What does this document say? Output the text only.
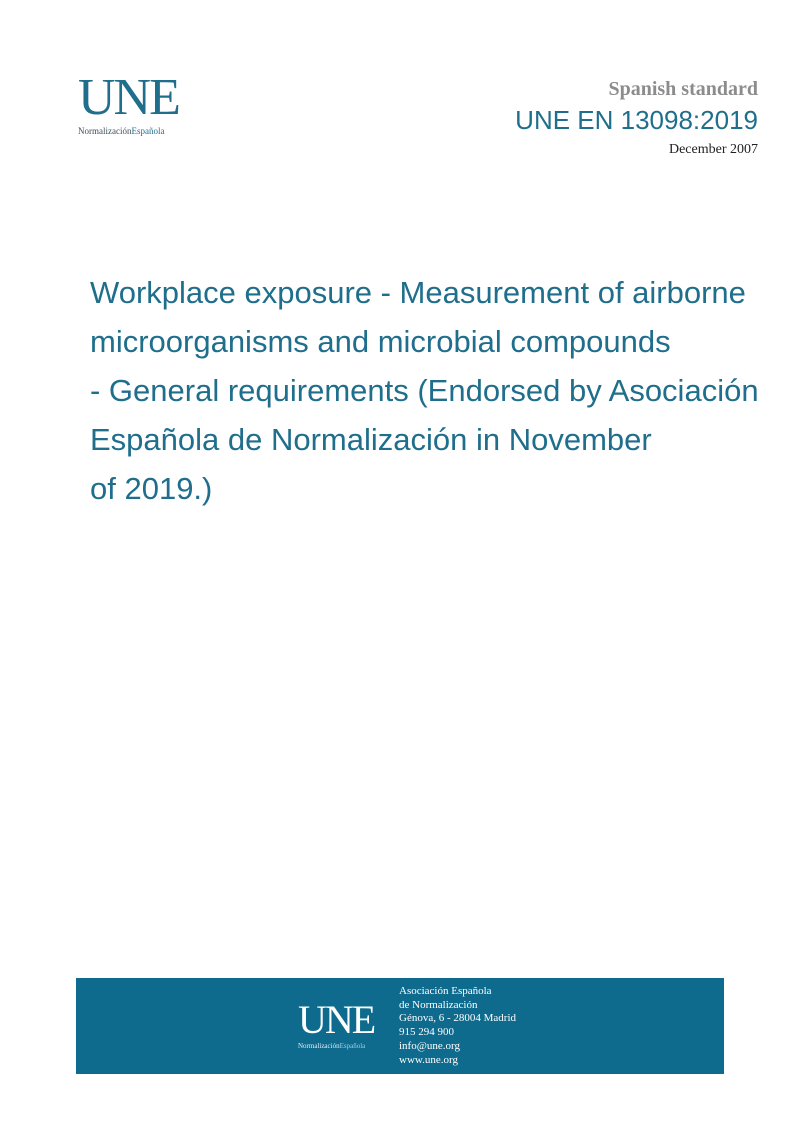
UNE
NormalizaciónEspañola
Spanish standard
UNE EN 13098:2019
December 2007
Workplace exposure - Measurement of airborne
microorganisms and microbial compounds
- General requirements (Endorsed by Asociación
Española de Normalización in November
of 2019.)
UNE
NormalizaciónEspañola
Asociación Española
de Normalización
Génova, 6 - 28004 Madrid
915 294 900
info@une.org
www.une.org
